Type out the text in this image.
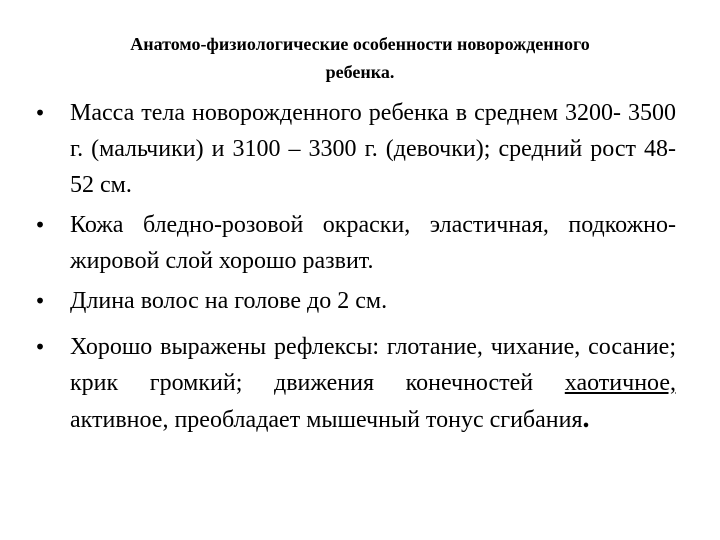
Анатомо-физиологические особенности новорожденного
ребенка.
• Масса тела новорожденного ребенка в среднем 3200- 3500 г. (мальчики) и 3100 – 3300 г. (девочки); средний рост 48-52 см.
• Кожа бледно-розовой окраски, эластичная, подкожно- жировой слой хорошо развит.
• Длина волос на голове до 2 см.
• Хорошо выражены рефлексы: глотание, чихание, сосание; крик громкий; движения конечностей хаотичное, активное, преобладает мышечный тонус сгибания.
